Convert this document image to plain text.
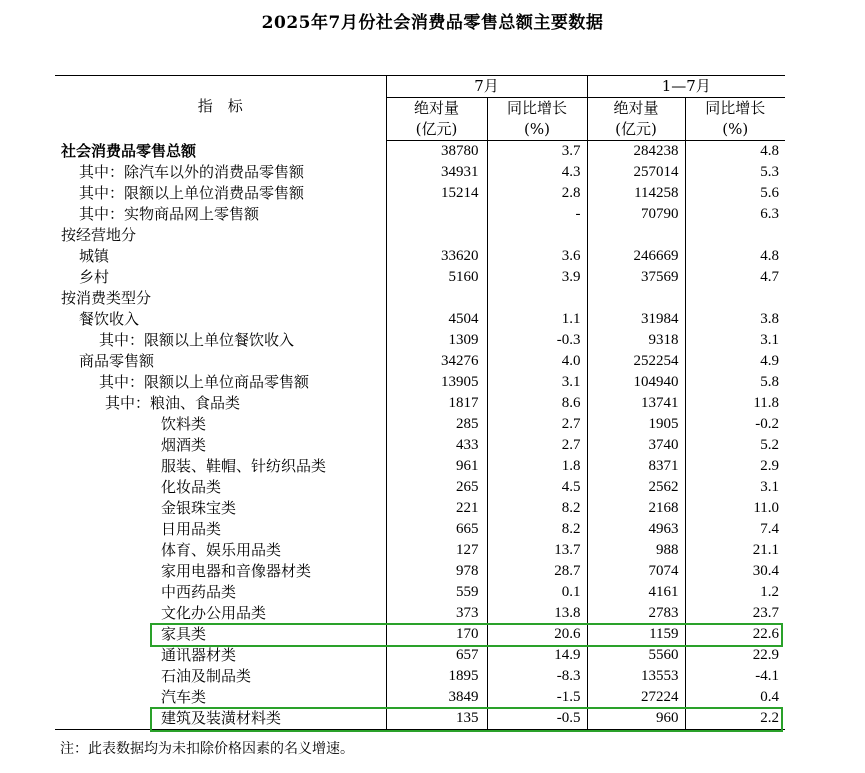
2025年7月份社会消费品零售总额主要数据
指　标	7月		1—7月	
	绝对量	同比增长	绝对量	同比增长
	(亿元)	(%)	(亿元)	(%)
社会消费品零售总额	38780	3.7	284238	4.8
其中：除汽车以外的消费品零售额	34931	4.3	257014	5.3
其中：限额以上单位消费品零售额	15214	2.8	114258	5.6
其中：实物商品网上零售额		-	70790	6.3
按经营地分				
城镇	33620	3.6	246669	4.8
乡村	5160	3.9	37569	4.7
按消费类型分				
餐饮收入	4504	1.1	31984	3.8
其中：限额以上单位餐饮收入	1309	-0.3	9318	3.1
商品零售额	34276	4.0	252254	4.9
其中：限额以上单位商品零售额	13905	3.1	104940	5.8
其中：粮油、食品类	1817	8.6	13741	11.8
饮料类	285	2.7	1905	-0.2
烟酒类	433	2.7	3740	5.2
服装、鞋帽、针纺织品类	961	1.8	8371	2.9
化妆品类	265	4.5	2562	3.1
金银珠宝类	221	8.2	2168	11.0
日用品类	665	8.2	4963	7.4
体育、娱乐用品类	127	13.7	988	21.1
家用电器和音像器材类	978	28.7	7074	30.4
中西药品类	559	0.1	4161	1.2
文化办公用品类	373	13.8	2783	23.7
家具类	170	20.6	1159	22.6
通讯器材类	657	14.9	5560	22.9
石油及制品类	1895	-8.3	13553	-4.1
汽车类	3849	-1.5	27224	0.4
建筑及装潢材料类	135	-0.5	960	2.2
注：此表数据均为未扣除价格因素的名义增速。
